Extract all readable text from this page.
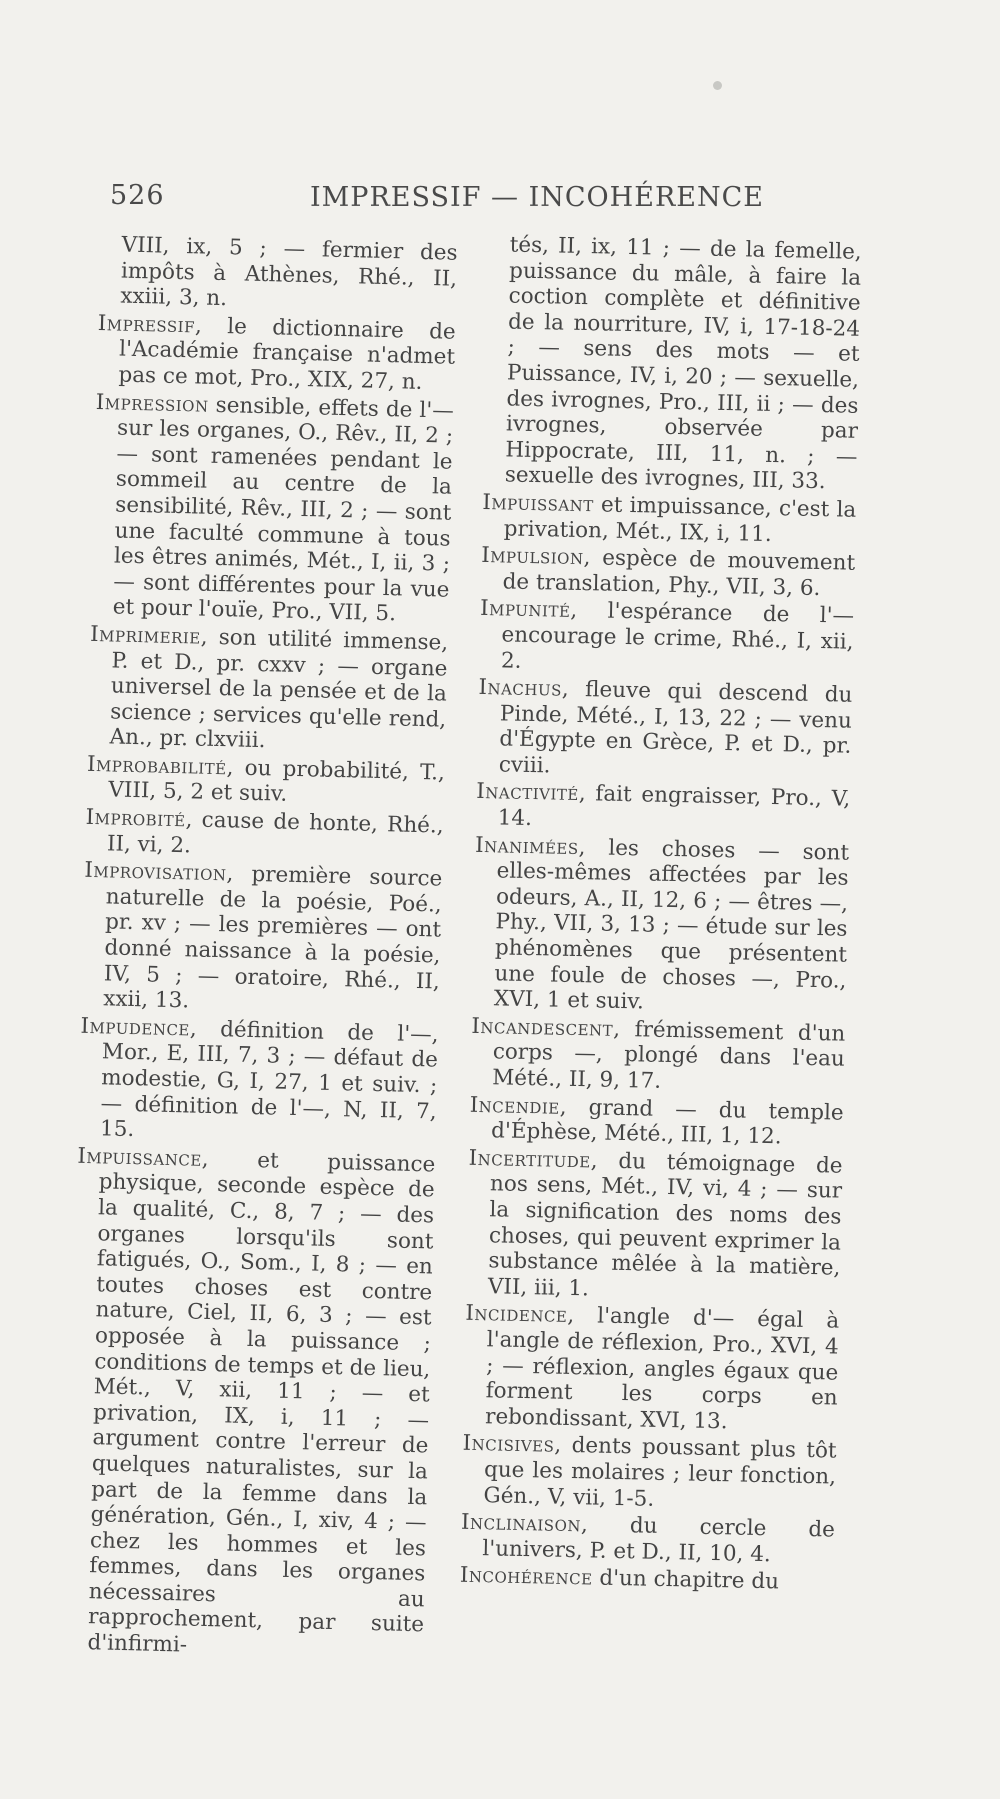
526	IMPRESSIF — INCOHÉRENCE

VIII, ix, 5 ; — fermier des impôts à Athènes, Rhé., II, xxiii, 3, n.

Impressif, le dictionnaire de l'Académie française n'admet pas ce mot, Pro., XIX, 27, n.

Impression sensible, effets de l'— sur les organes, O., Rêv., II, 2 ; — sont ramenées pendant le sommeil au centre de la sensibilité, Rêv., III, 2 ; — sont une faculté commune à tous les êtres animés, Mét., I, ii, 3 ; — sont différentes pour la vue et pour l'ouïe, Pro., VII, 5.

Imprimerie, son utilité immense, P. et D., pr. cxxv ; — organe universel de la pensée et de la science ; services qu'elle rend, An., pr. clxviii.

Improbabilité, ou probabilité, T., VIII, 5, 2 et suiv.

Improbité, cause de honte, Rhé., II, vi, 2.

Improvisation, première source naturelle de la poésie, Poé., pr. xv ; — les premières — ont donné naissance à la poésie, IV, 5 ; — oratoire, Rhé., II, xxii, 13.

Impudence, définition de l'—, Mor., E, III, 7, 3 ; — défaut de modestie, G, I, 27, 1 et suiv. ; — définition de l'—, N, II, 7, 15.

Impuissance, et puissance physique, seconde espèce de la qualité, C., 8, 7 ; — des organes lorsqu'ils sont fatigués, O., Som., I, 8 ; — en toutes choses est contre nature, Ciel, II, 6, 3 ; — est opposée à la puissance ; conditions de temps et de lieu, Mét., V, xii, 11 ; — et privation, IX, i, 11 ; — argument contre l'erreur de quelques naturalistes, sur la part de la femme dans la génération, Gén., I, xiv, 4 ; — chez les hommes et les femmes, dans les organes nécessaires au rapprochement, par suite d'infirmi-

tés, II, ix, 11 ; — de la femelle, puissance du mâle, à faire la coction complète et définitive de la nourriture, IV, i, 17-18-24 ; — sens des mots — et Puissance, IV, i, 20 ; — sexuelle, des ivrognes, Pro., III, ii ; — des ivrognes, observée par Hippocrate, III, 11, n. ; — sexuelle des ivrognes, III, 33.

Impuissant et impuissance, c'est la privation, Mét., IX, i, 11.

Impulsion, espèce de mouvement de translation, Phy., VII, 3, 6.

Impunité, l'espérance de l'— encourage le crime, Rhé., I, xii, 2.

Inachus, fleuve qui descend du Pinde, Mété., I, 13, 22 ; — venu d'Égypte en Grèce, P. et D., pr. cviii.

Inactivité, fait engraisser, Pro., V, 14.

Inanimées, les choses — sont elles-mêmes affectées par les odeurs, A., II, 12, 6 ; — êtres —, Phy., VII, 3, 13 ; — étude sur les phénomènes que présentent une foule de choses —, Pro., XVI, 1 et suiv.

Incandescent, frémissement d'un corps —, plongé dans l'eau Mété., II, 9, 17.

Incendie, grand — du temple d'Éphèse, Mété., III, 1, 12.

Incertitude, du témoignage de nos sens, Mét., IV, vi, 4 ; — sur la signification des noms des choses, qui peuvent exprimer la substance mêlée à la matière, VII, iii, 1.

Incidence, l'angle d'— égal à l'angle de réflexion, Pro., XVI, 4 ; — réflexion, angles égaux que forment les corps en rebondissant, XVI, 13.

Incisives, dents poussant plus tôt que les molaires ; leur fonction, Gén., V, vii, 1-5.

Inclinaison, du cercle de l'univers, P. et D., II, 10, 4.

Incohérence d'un chapitre du
